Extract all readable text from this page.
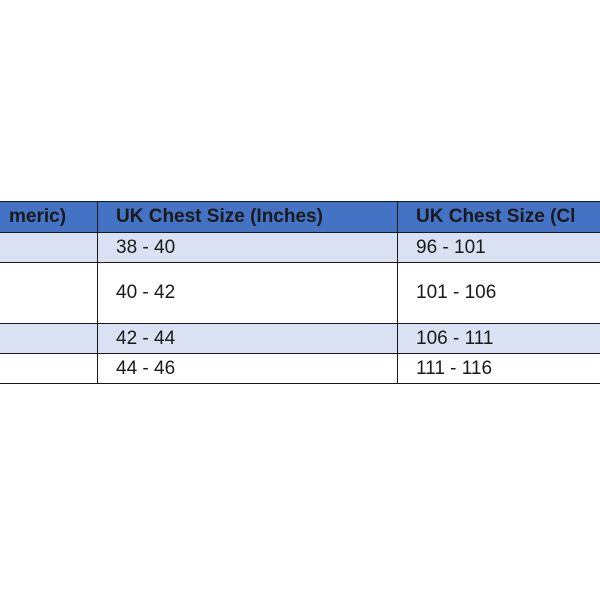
meric)	UK Chest Size (Inches)	UK Chest Size (Cl
	38 - 40	96 - 101
	40 - 42	101 - 106
	42 - 44	106 - 111
	44 - 46	111 - 116
